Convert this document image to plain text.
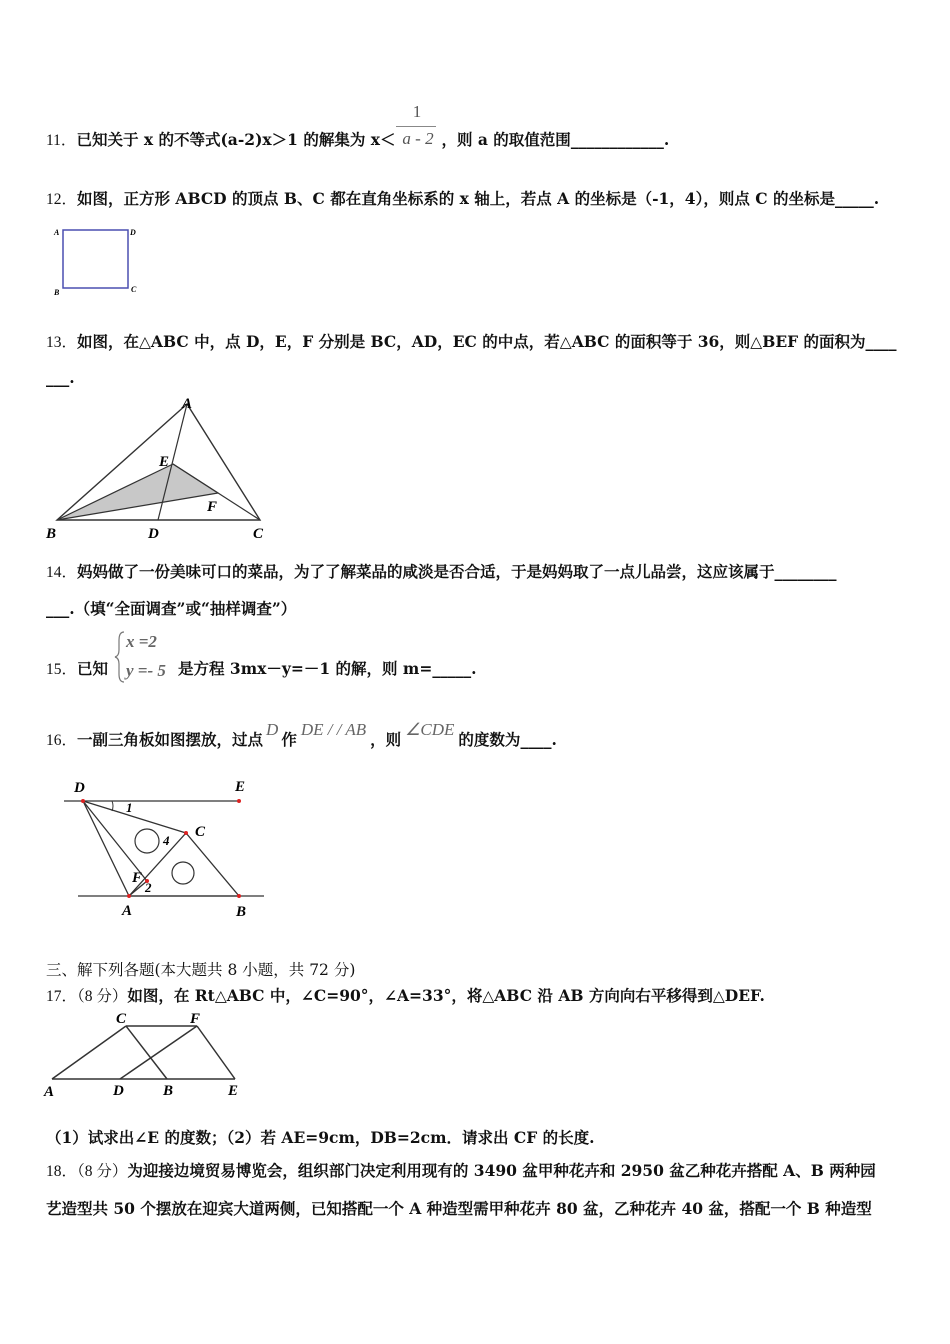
11．已知关于 x 的不等式(a-2)x＞1 的解集为 x＜	，则 a 的取值范围____________.
1
a - 2
12．如图，正方形 ABCD 的顶点 B、C 都在直角坐标系的 x 轴上，若点 A 的坐标是（-1，4），则点 C 的坐标是_____.
A	D
B	C
13．如图，在△ABC 中，点 D，E，F 分别是 BC，AD，EC 的中点，若△ABC 的面积等于 36，则△BEF 的面积为____
___.
A
E
F
B	D	C
14．妈妈做了一份美味可口的菜品，为了了解菜品的咸淡是否合适，于是妈妈取了一点儿品尝，这应该属于________
___.（填“全面调查”或“抽样调查”）
15．已知	是方程 3mx－y=－1 的解，则 m=_____.
x =2
y =- 5
16．一副三角板如图摆放，过点D作DE / / AB，则∠CDE的度数为____.
D	E
C
F
A	B
1
2
4
三、解下列各题(本大题共 8 小题，共 72 分)
17．（8 分）如图，在 Rt△ABC 中，∠C=90°，∠A=33°，将△ABC 沿 AB 方向向右平移得到△DEF.
C	F
A	D	B	E
（1）试求出∠E 的度数；（2）若 AE=9cm，DB=2cm．请求出 CF 的长度.
18．（8 分）为迎接边境贸易博览会，组织部门决定利用现有的 3490 盆甲种花卉和 2950 盆乙种花卉搭配 A、B 两种园
艺造型共 50 个摆放在迎宾大道两侧，已知搭配一个 A 种造型需甲种花卉 80 盆，乙种花卉 40 盆，搭配一个 B 种造型
